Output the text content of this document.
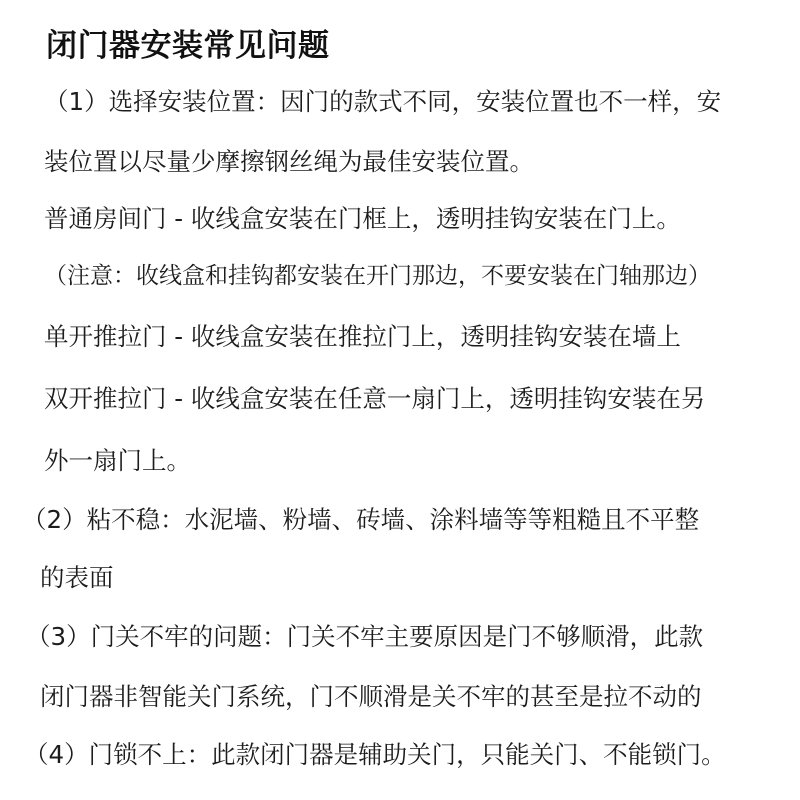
闭门器安装常见问题
（1）选择安装位置：因门的款式不同，安装位置也不一样，安
装位置以尽量少摩擦钢丝绳为最佳安装位置。
普通房间门 - 收线盒安装在门框上，透明挂钩安装在门上。
（注意：收线盒和挂钩都安装在开门那边，不要安装在门轴那边）
单开推拉门 - 收线盒安装在推拉门上，透明挂钩安装在墙上
双开推拉门 - 收线盒安装在任意一扇门上，透明挂钩安装在另
外一扇门上。
（2）粘不稳：水泥墙、粉墙、砖墙、涂料墙等等粗糙且不平整
的表面
（3）门关不牢的问题：门关不牢主要原因是门不够顺滑，此款
闭门器非智能关门系统，门不顺滑是关不牢的甚至是拉不动的
（4）门锁不上：此款闭门器是辅助关门，只能关门、不能锁门。
